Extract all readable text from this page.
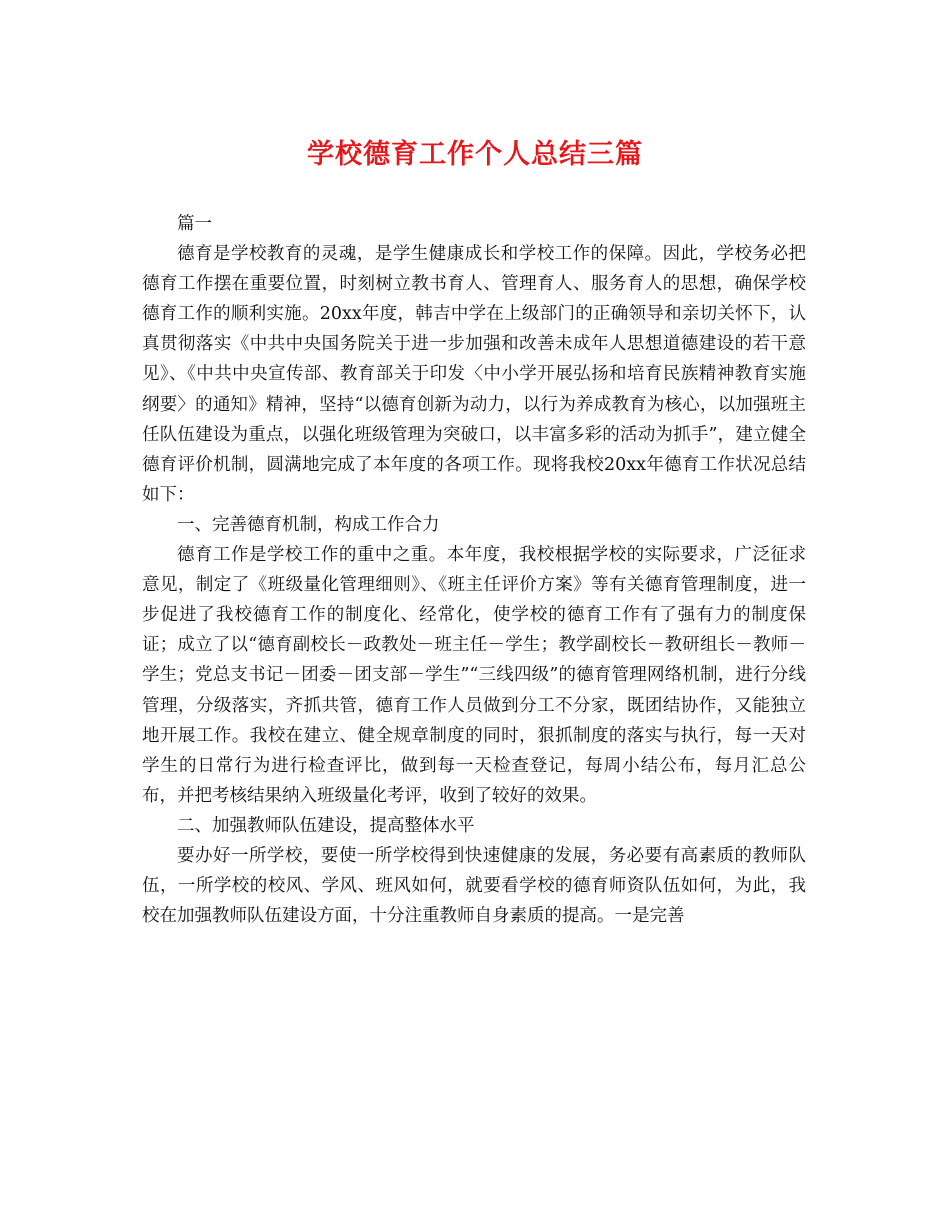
学校德育工作个人总结三篇

篇一

德育是学校教育的灵魂，是学生健康成长和学校工作的保障。因此，学校务必把德育工作摆在重要位置，时刻树立教书育人、管理育人、服务育人的思想，确保学校德育工作的顺利实施。20xx年度，韩吉中学在上级部门的正确领导和亲切关怀下，认真贯彻落实《中共中央国务院关于进一步加强和改善未成年人思想道德建设的若干意见》、《中共中央宣传部、教育部关于印发〈中小学开展弘扬和培育民族精神教育实施纲要〉的通知》精神，坚持“以德育创新为动力，以行为养成教育为核心，以加强班主任队伍建设为重点，以强化班级管理为突破口，以丰富多彩的活动为抓手”，建立健全德育评价机制，圆满地完成了本年度的各项工作。现将我校20xx年德育工作状况总结如下：

一、完善德育机制，构成工作合力

德育工作是学校工作的重中之重。本年度，我校根据学校的实际要求，广泛征求意见，制定了《班级量化管理细则》、《班主任评价方案》等有关德育管理制度，进一步促进了我校德育工作的制度化、经常化，使学校的德育工作有了强有力的制度保证；成立了以“德育副校长－政教处－班主任－学生；教学副校长－教研组长－教师－学生；党总支书记－团委－团支部－学生”“三线四级”的德育管理网络机制，进行分线管理，分级落实，齐抓共管，德育工作人员做到分工不分家，既团结协作，又能独立地开展工作。我校在建立、健全规章制度的同时，狠抓制度的落实与执行，每一天对学生的日常行为进行检查评比，做到每一天检查登记，每周小结公布，每月汇总公布，并把考核结果纳入班级量化考评，收到了较好的效果。

二、加强教师队伍建设，提高整体水平

要办好一所学校，要使一所学校得到快速健康的发展，务必要有高素质的教师队伍，一所学校的校风、学风、班风如何，就要看学校的德育师资队伍如何，为此，我校在加强教师队伍建设方面，十分注重教师自身素质的提高。一是完善
